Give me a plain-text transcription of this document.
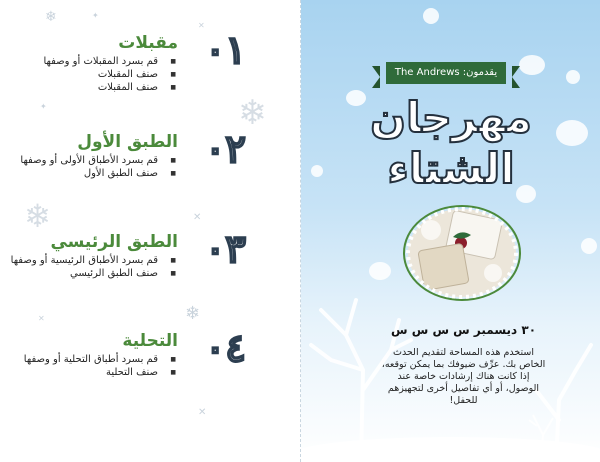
❄
❄
❄
❄
✕
✦
✕
✕
✦
✕
مقبلات
■ قم بسرد المقبلات أو وصفها
■ صنف المقبلات
■ صنف المقبلات
٠١
الطبق الأول
■ قم بسرد الأطباق الأولى أو وصفها
■ صنف الطبق الأول
٠٢
الطبق الرئيسي
■ قم بسرد الأطباق الرئيسية أو وصفها
■ صنف الطبق الرئيسي
٠٣
التحلية
■ قم بسرد أطباق التحلية أو وصفها
■ صنف التحلية
٠٤
يقدمون: The Andrews
مهرجان
الشتاء
٣٠ ديسمبر س س س س
استخدم هذه المساحة لتقديم الحدث الخاص بك. عرِّف ضيوفك بما يمكن توقعه، إذا كانت هناك إرشادات خاصة عند الوصول، أو أي تفاصيل أخرى لتجهيزهم للحفل!
